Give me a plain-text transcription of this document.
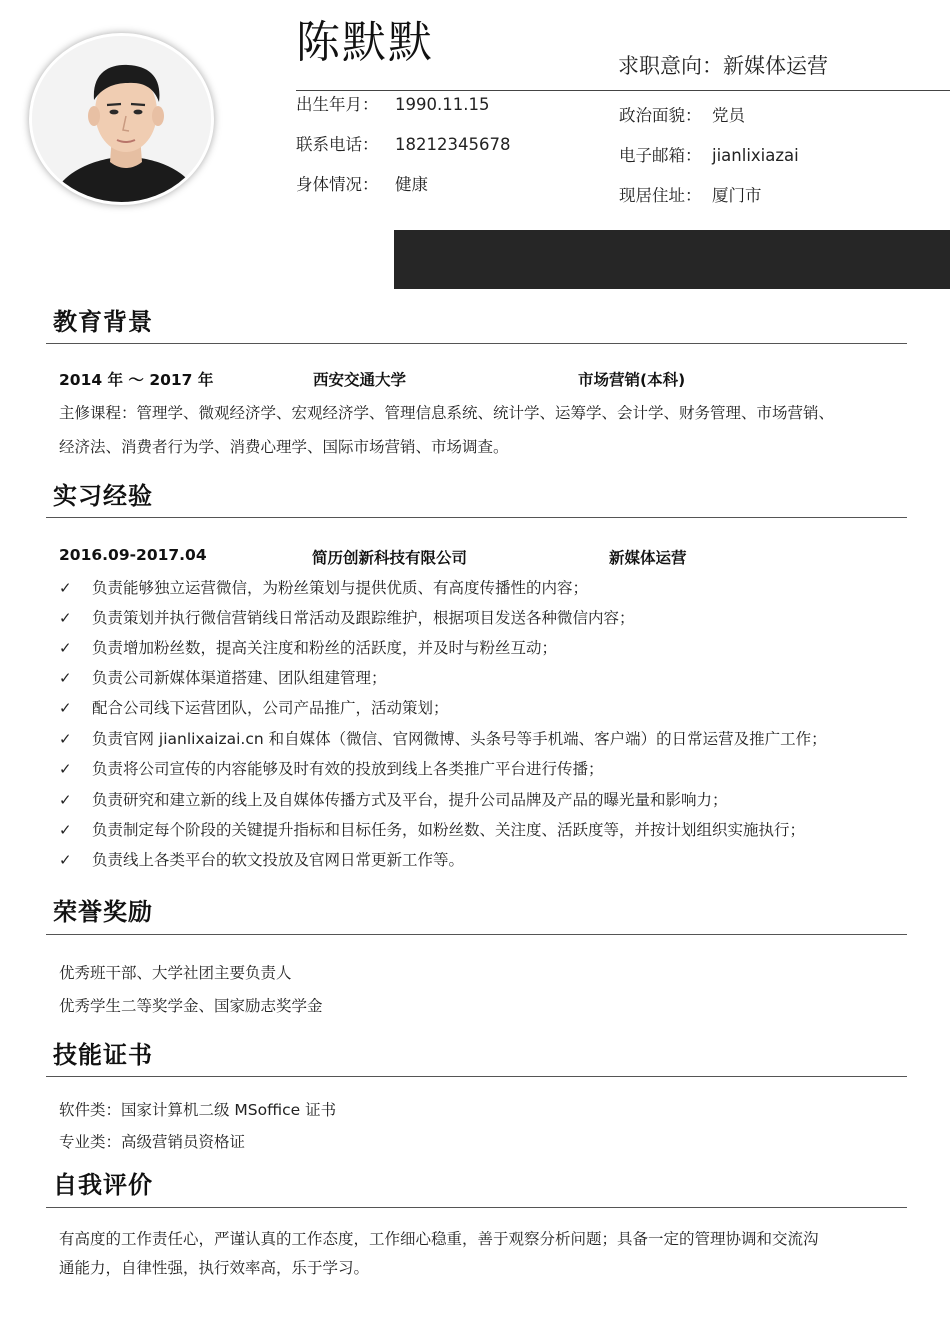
陈默默	求职意向：新媒体运营
出生年月： 1990.11.15
联系电话： 18212345678
身体情况： 健康
政治面貌： 党员
电子邮箱： jianlixiazai
现居住址： 厦门市
教育背景
2014 年 ～ 2017 年	西安交通大学	市场营销(本科)
主修课程：管理学、微观经济学、宏观经济学、管理信息系统、统计学、运筹学、会计学、财务管理、市场营销、
经济法、消费者行为学、消费心理学、国际市场营销、市场调查。
实习经验
2016.09-2017.04	简历创新科技有限公司	新媒体运营
✓ 负责能够独立运营微信，为粉丝策划与提供优质、有高度传播性的内容；
✓ 负责策划并执行微信营销线日常活动及跟踪维护，根据项目发送各种微信内容；
✓ 负责增加粉丝数，提高关注度和粉丝的活跃度，并及时与粉丝互动；
✓ 负责公司新媒体渠道搭建、团队组建管理；
✓ 配合公司线下运营团队，公司产品推广，活动策划；
✓ 负责官网 jianlixaizai.cn 和自媒体（微信、官网微博、头条号等手机端、客户端）的日常运营及推广工作；
✓ 负责将公司宣传的内容能够及时有效的投放到线上各类推广平台进行传播；
✓ 负责研究和建立新的线上及自媒体传播方式及平台，提升公司品牌及产品的曝光量和影响力；
✓ 负责制定每个阶段的关键提升指标和目标任务，如粉丝数、关注度、活跃度等，并按计划组织实施执行；
✓ 负责线上各类平台的软文投放及官网日常更新工作等。
荣誉奖励
优秀班干部、大学社团主要负责人
优秀学生二等奖学金、国家励志奖学金
技能证书
软件类：国家计算机二级 MSoffice 证书
专业类：高级营销员资格证
自我评价
有高度的工作责任心，严谨认真的工作态度，工作细心稳重，善于观察分析问题；具备一定的管理协调和交流沟
通能力，自律性强，执行效率高，乐于学习。
